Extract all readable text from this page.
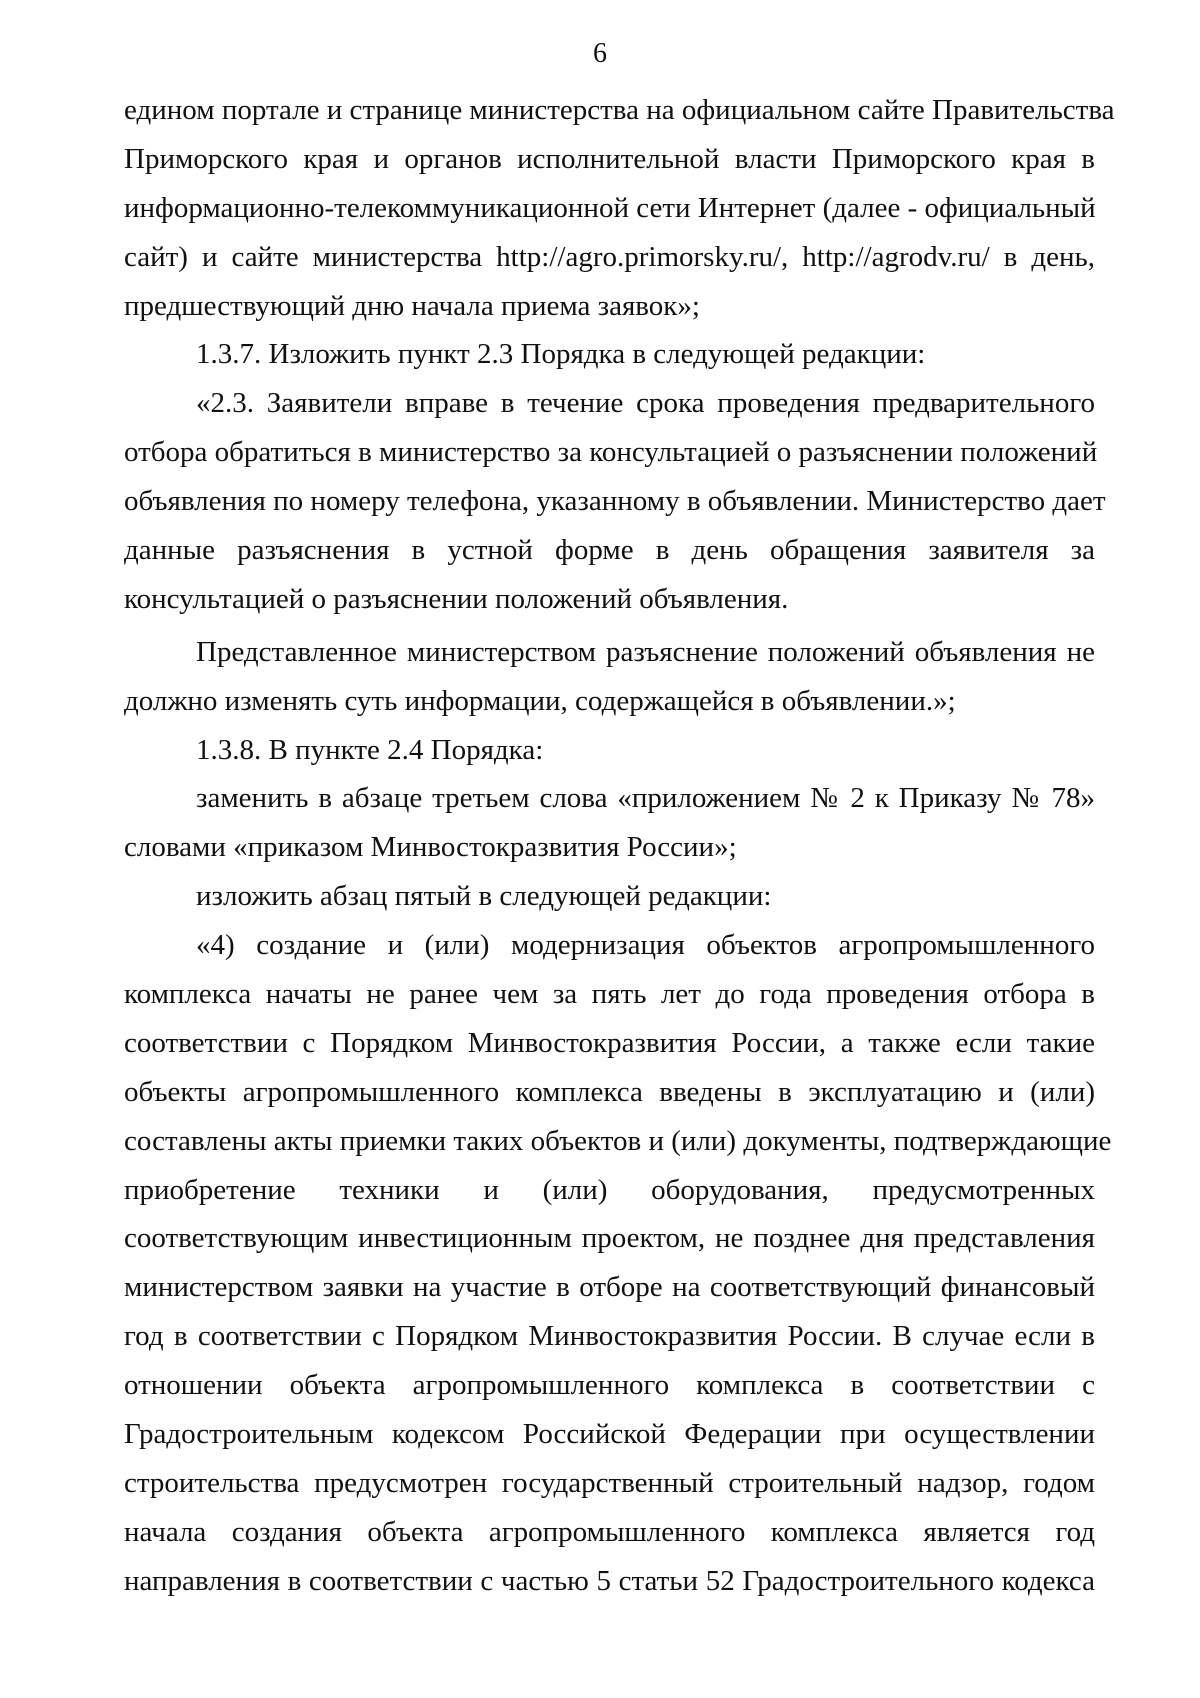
6
едином портале и странице министерства на официальном сайте Правительства
Приморского края и органов исполнительной власти Приморского края в
информационно-телекоммуникационной сети Интернет (далее - официальный
сайт) и сайте министерства http://agro.primorsky.ru/, http://agrodv.ru/ в день,
предшествующий дню начала приема заявок»;
1.3.7. Изложить пункт 2.3 Порядка в следующей редакции:
«2.3. Заявители вправе в течение срока проведения предварительного
отбора обратиться в министерство за консультацией о разъяснении положений
объявления по номеру телефона, указанному в объявлении. Министерство дает
данные разъяснения в устной форме в день обращения заявителя за
консультацией о разъяснении положений объявления.
Представленное министерством разъяснение положений объявления не
должно изменять суть информации, содержащейся в объявлении.»;
1.3.8. В пункте 2.4 Порядка:
заменить в абзаце третьем слова «приложением № 2 к Приказу № 78»
словами «приказом Минвостокразвития России»;
изложить абзац пятый в следующей редакции:
«4) создание и (или) модернизация объектов агропромышленного
комплекса начаты не ранее чем за пять лет до года проведения отбора в
соответствии с Порядком Минвостокразвития России, а также если такие
объекты агропромышленного комплекса введены в эксплуатацию и (или)
составлены акты приемки таких объектов и (или) документы, подтверждающие
приобретение техники и (или) оборудования, предусмотренных
соответствующим инвестиционным проектом, не позднее дня представления
министерством заявки на участие в отборе на соответствующий финансовый
год в соответствии с Порядком Минвостокразвития России. В случае если в
отношении объекта агропромышленного комплекса в соответствии с
Градостроительным кодексом Российской Федерации при осуществлении
строительства предусмотрен государственный строительный надзор, годом
начала создания объекта агропромышленного комплекса является год
направления в соответствии с частью 5 статьи 52 Градостроительного кодекса
